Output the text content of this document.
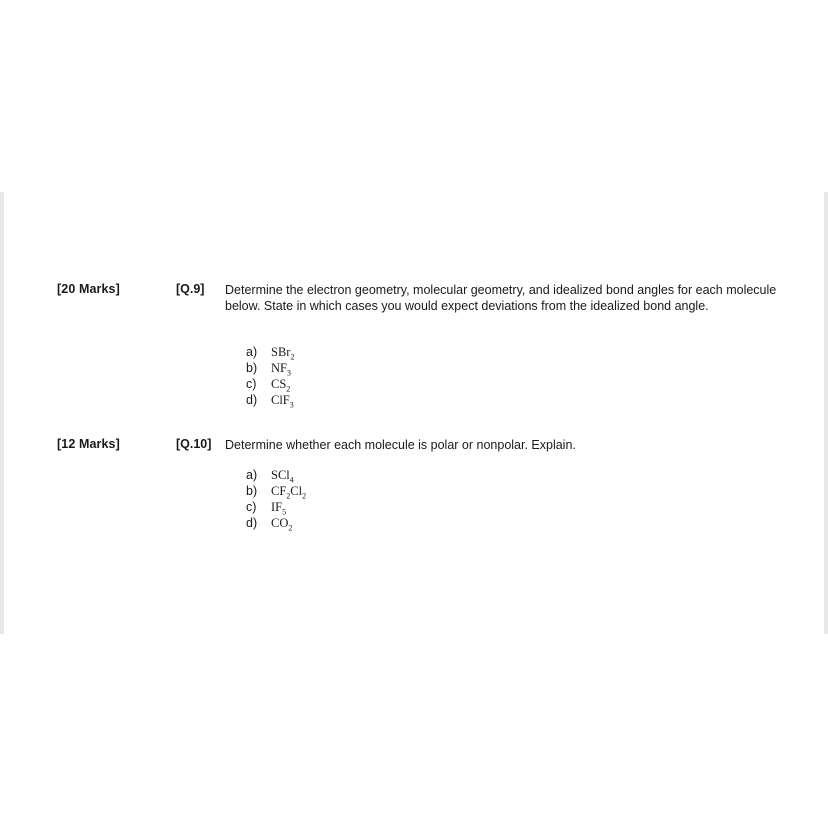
[20 Marks]	[Q.9] Determine the electron geometry, molecular geometry, and idealized bond angles for each molecule below. State in which cases you would expect deviations from the idealized bond angle.
a) SBr$_2$
b) $NF_3$
c) $CS_2$
d) ClF$_3$
[12 Marks]	[Q.10] Determine whether each molecule is polar or nonpolar. Explain.
a) SCl$_4$
b) $CF_2Cl_2$
c) $IF_5$
d) $CO_2$
